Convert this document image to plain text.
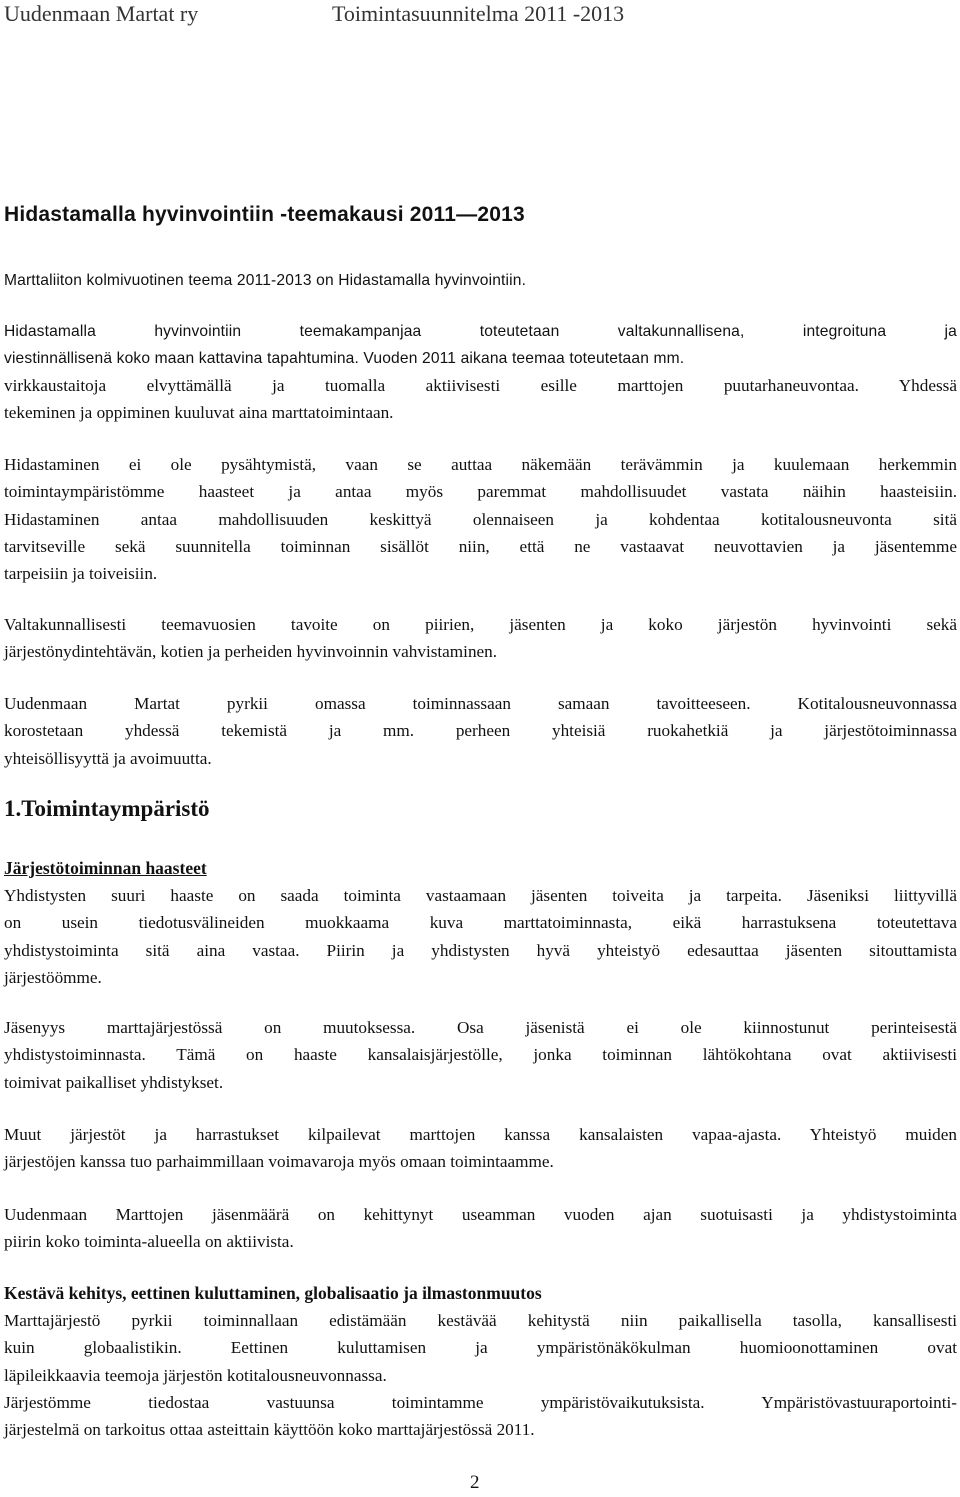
Uudenmaan Martat ry	Toimintasuunnitelma 2011 -2013
Hidastamalla hyvinvointiin -teemakausi 2011—2013

Marttaliiton kolmivuotinen teema 2011-2013 on Hidastamalla hyvinvointiin.

Hidastamalla hyvinvointiin teemakampanjaa toteutetaan valtakunnallisena, integroituna ja
viestinnällisenä koko maan kattavina tapahtumina. Vuoden 2011 aikana teemaa toteutetaan mm.

virkkaustaitoja elvyttämällä ja tuomalla aktiivisesti esille marttojen puutarhaneuvontaa. Yhdessä
tekeminen ja oppiminen kuuluvat aina marttatoimintaan.

Hidastaminen ei ole pysähtymistä, vaan se auttaa näkemään terävämmin ja kuulemaan herkemmin
toimintaympäristömme haasteet ja antaa myös paremmat mahdollisuudet vastata näihin haasteisiin.
Hidastaminen antaa mahdollisuuden keskittyä olennaiseen ja kohdentaa kotitalousneuvonta sitä
tarvitseville sekä suunnitella toiminnan sisällöt niin, että ne vastaavat neuvottavien ja jäsentemme
tarpeisiin ja toiveisiin.

Valtakunnallisesti teemavuosien tavoite on piirien, jäsenten ja koko järjestön hyvinvointi sekä
järjestönydintehtävän, kotien ja perheiden hyvinvoinnin vahvistaminen.

Uudenmaan Martat pyrkii omassa toiminnassaan samaan tavoitteeseen. Kotitalousneuvonnassa
korostetaan yhdessä tekemistä ja mm. perheen yhteisiä ruokahetkiä ja järjestötoiminnassa
yhteisöllisyyttä ja avoimuutta.

1.Toimintaympäristö
Järjestötoiminnan haasteet

Yhdistysten suuri haaste on saada toiminta vastaamaan jäsenten toiveita ja tarpeita. Jäseniksi liittyvillä
on usein tiedotusvälineiden muokkaama kuva marttatoiminnasta, eikä harrastuksena toteutettava
yhdistystoiminta sitä aina vastaa. Piirin ja yhdistysten hyvä yhteistyö edesauttaa jäsenten sitouttamista
järjestöömme.

Jäsenyys marttajärjestössä on muutoksessa. Osa jäsenistä ei ole kiinnostunut perinteisestä
yhdistystoiminnasta. Tämä on haaste kansalaisjärjestölle, jonka toiminnan lähtökohtana ovat aktiivisesti
toimivat paikalliset yhdistykset.

Muut järjestöt ja harrastukset kilpailevat marttojen kanssa kansalaisten vapaa-ajasta. Yhteistyö muiden
järjestöjen kanssa tuo parhaimmillaan voimavaroja myös omaan toimintaamme.

Uudenmaan Marttojen jäsenmäärä on kehittynyt useamman vuoden ajan suotuisasti ja yhdistystoiminta
piirin koko toiminta-alueella on aktiivista.

Kestävä kehitys, eettinen kuluttaminen, globalisaatio ja ilmastonmuutos

Marttajärjestö pyrkii toiminnallaan edistämään kestävää kehitystä niin paikallisella tasolla, kansallisesti
kuin globaalistikin. Eettinen kuluttamisen ja ympäristönäkökulman huomioonottaminen ovat
läpileikkaavia teemoja järjestön kotitalousneuvonnassa.

Järjestömme tiedostaa vastuunsa toimintamme ympäristövaikutuksista. Ympäristövastuuraportointi-
järjestelmä on tarkoitus ottaa asteittain käyttöön koko marttajärjestössä 2011.

2
